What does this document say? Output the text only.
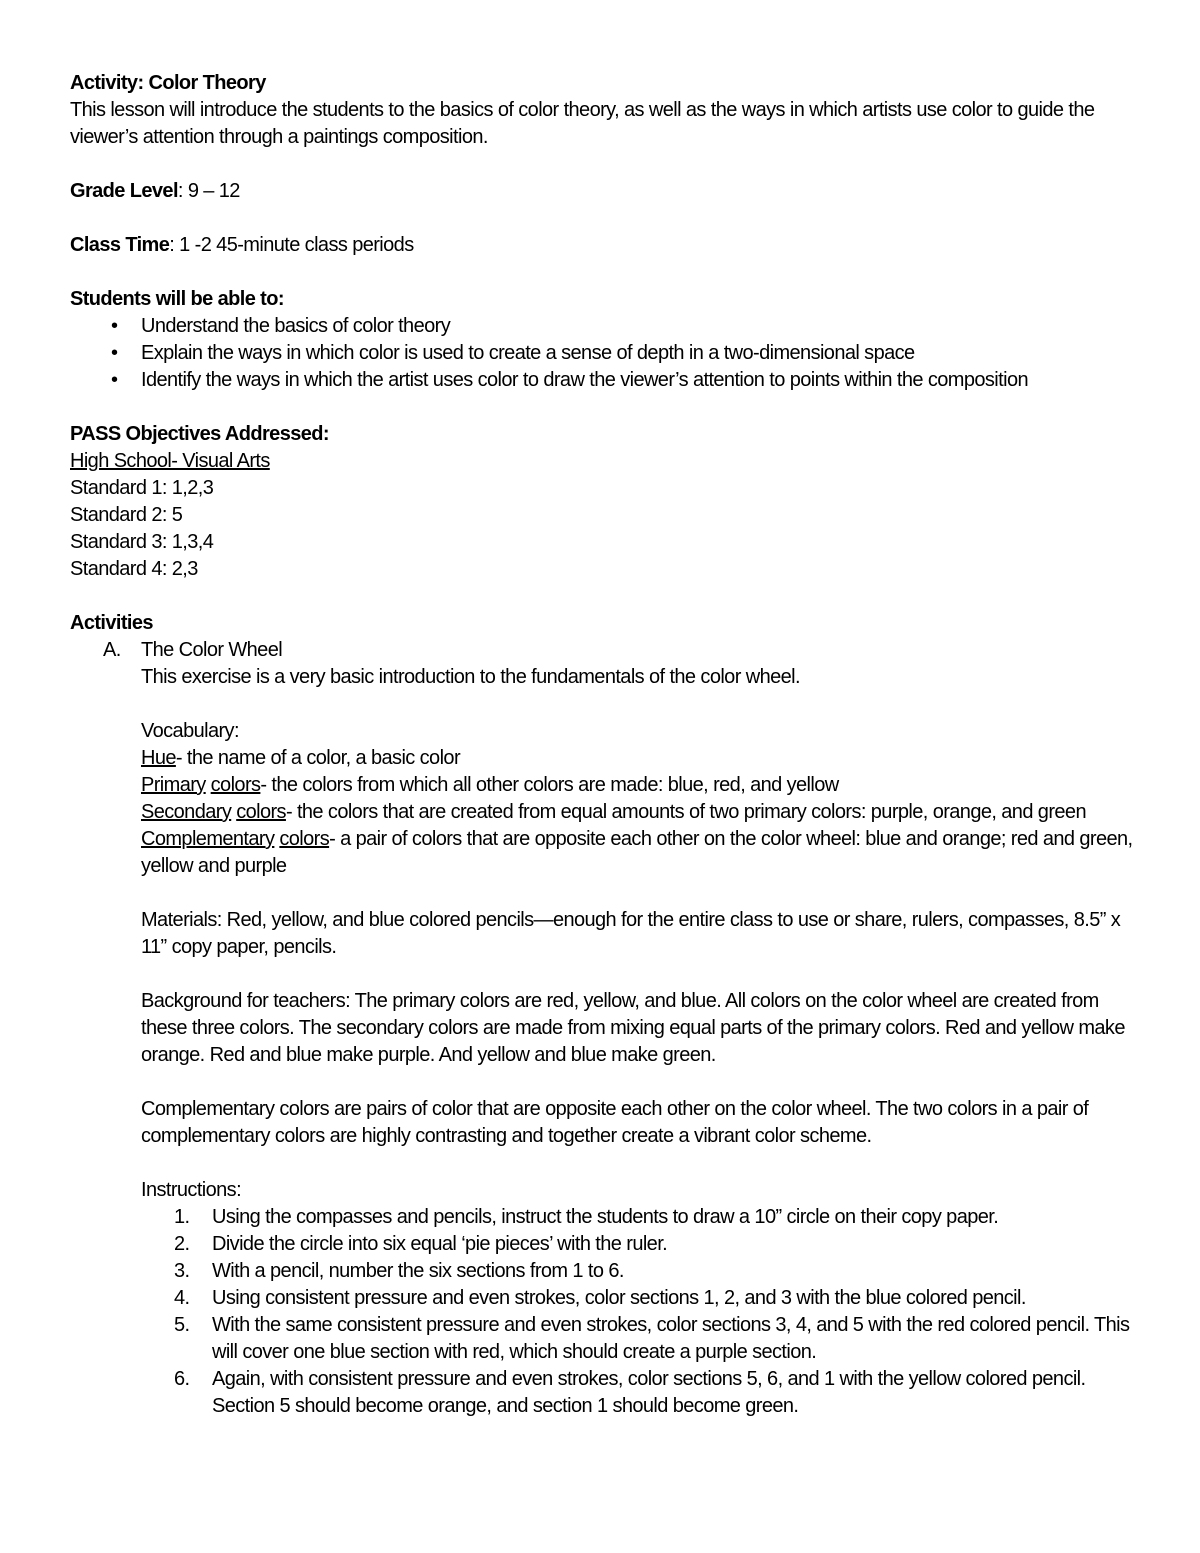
Activity: Color Theory

This lesson will introduce the students to the basics of color theory, as well as the ways in which artists use color to guide the viewer’s attention through a paintings composition.

Grade Level: 9 – 12
Class Time: 1 -2 45-minute class periods
Students will be able to:
• Understand the basics of color theory
• Explain the ways in which color is used to create a sense of depth in a two-dimensional space
• Identify the ways in which the artist uses color to draw the viewer’s attention to points within the composition
PASS Objectives Addressed:
High School- Visual Arts
Standard 1: 1,2,3
Standard 2: 5
Standard 3: 1,3,4
Standard 4: 2,3
Activities
A. The Color Wheel

This exercise is a very basic introduction to the fundamentals of the color wheel.

Vocabulary:

Hue- the name of a color, a basic color

Primary colors- the colors from which all other colors are made: blue, red, and yellow

Secondary colors- the colors that are created from equal amounts of two primary colors: purple, orange, and green

Complementary colors- a pair of colors that are opposite each other on the color wheel: blue and orange; red and green, yellow and purple

Materials: Red, yellow, and blue colored pencils—enough for the entire class to use or share, rulers, compasses, 8.5” x 11” copy paper, pencils.

Background for teachers: The primary colors are red, yellow, and blue. All colors on the color wheel are created from these three colors. The secondary colors are made from mixing equal parts of the primary colors. Red and yellow make orange. Red and blue make purple. And yellow and blue make green.

Complementary colors are pairs of color that are opposite each other on the color wheel. The two colors in a pair of complementary colors are highly contrasting and together create a vibrant color scheme.

Instructions:
1. Using the compasses and pencils, instruct the students to draw a 10” circle on their copy paper.
2. Divide the circle into six equal ‘pie pieces’ with the ruler.
3. With a pencil, number the six sections from 1 to 6.
4. Using consistent pressure and even strokes, color sections 1, 2, and 3 with the blue colored pencil.
5. With the same consistent pressure and even strokes, color sections 3, 4, and 5 with the red colored pencil. This will cover one blue section with red, which should create a purple section.
6. Again, with consistent pressure and even strokes, color sections 5, 6, and 1 with the yellow colored pencil. Section 5 should become orange, and section 1 should become green.
